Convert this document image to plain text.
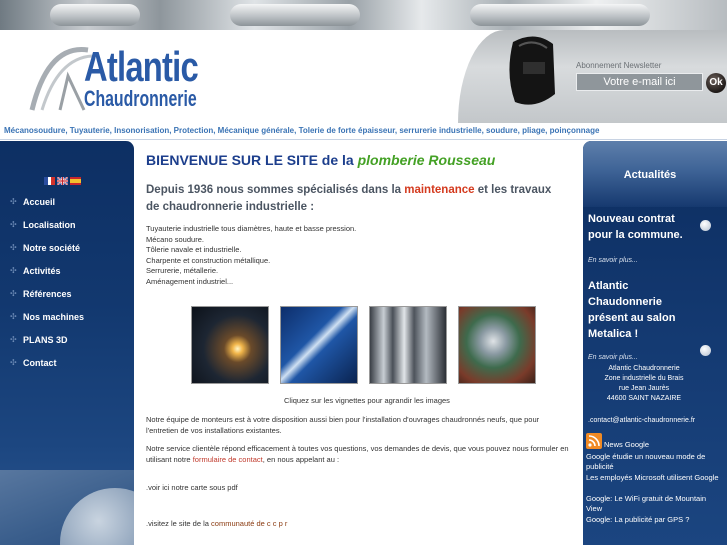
Atlantic
Chaudronnerie
Abonnement Newsletter
Votre e-mail ici	Ok
Mécanosoudure, Tuyauterie, Insonorisation, Protection, Mécanique générale, Tolerie de forte épaisseur, serrurerie industrielle, soudure, pliage, poinçonnage
✣ Accueil
✣ Localisation
✣ Notre société
✣ Activités
✣ Références
✣ Nos machines
✣ PLANS 3D
✣ Contact
BIENVENUE SUR LE SITE de la plomberie Rousseau
Depuis 1936 nous sommes spécialisés dans la maintenance et les travaux de chaudronnerie industrielle :
Tuyauterie industrielle tous diamètres, haute et basse pression.
Mécano soudure.
Tôlerie navale et industrielle.
Charpente et construction métallique.
Serrurerie, métallerie.
Aménagement industriel...
Cliquez sur les vignettes pour agrandir les images
Notre équipe de monteurs est à votre disposition aussi bien pour l'installation d'ouvrages chaudronnés neufs, que pour l'entretien de vos installations existantes.
Notre service clientèle répond efficacement à toutes vos questions, vos demandes de devis, que vous pouvez nous formuler en utilisant notre formulaire de contact, en nous appelant au :
.voir ici notre carte sous pdf
.visitez le site de la communauté de c c p r
Actualités
Nouveau contrat pour la commune.
En savoir plus...
Atlantic Chaudonnerie présent au salon Metalica !
En savoir plus...
Atlantic Chaudronnerie
Zone industrielle du Brais
rue Jean Jaurès
44600 SAINT NAZAIRE
.contact@atlantic-chaudronnerie.fr
News Google
Google étudie un nouveau mode de publicité
Les employés Microsoft utilisent Google
Google: Le WiFi gratuit de Mountain View
Google: La publicité par GPS ?
